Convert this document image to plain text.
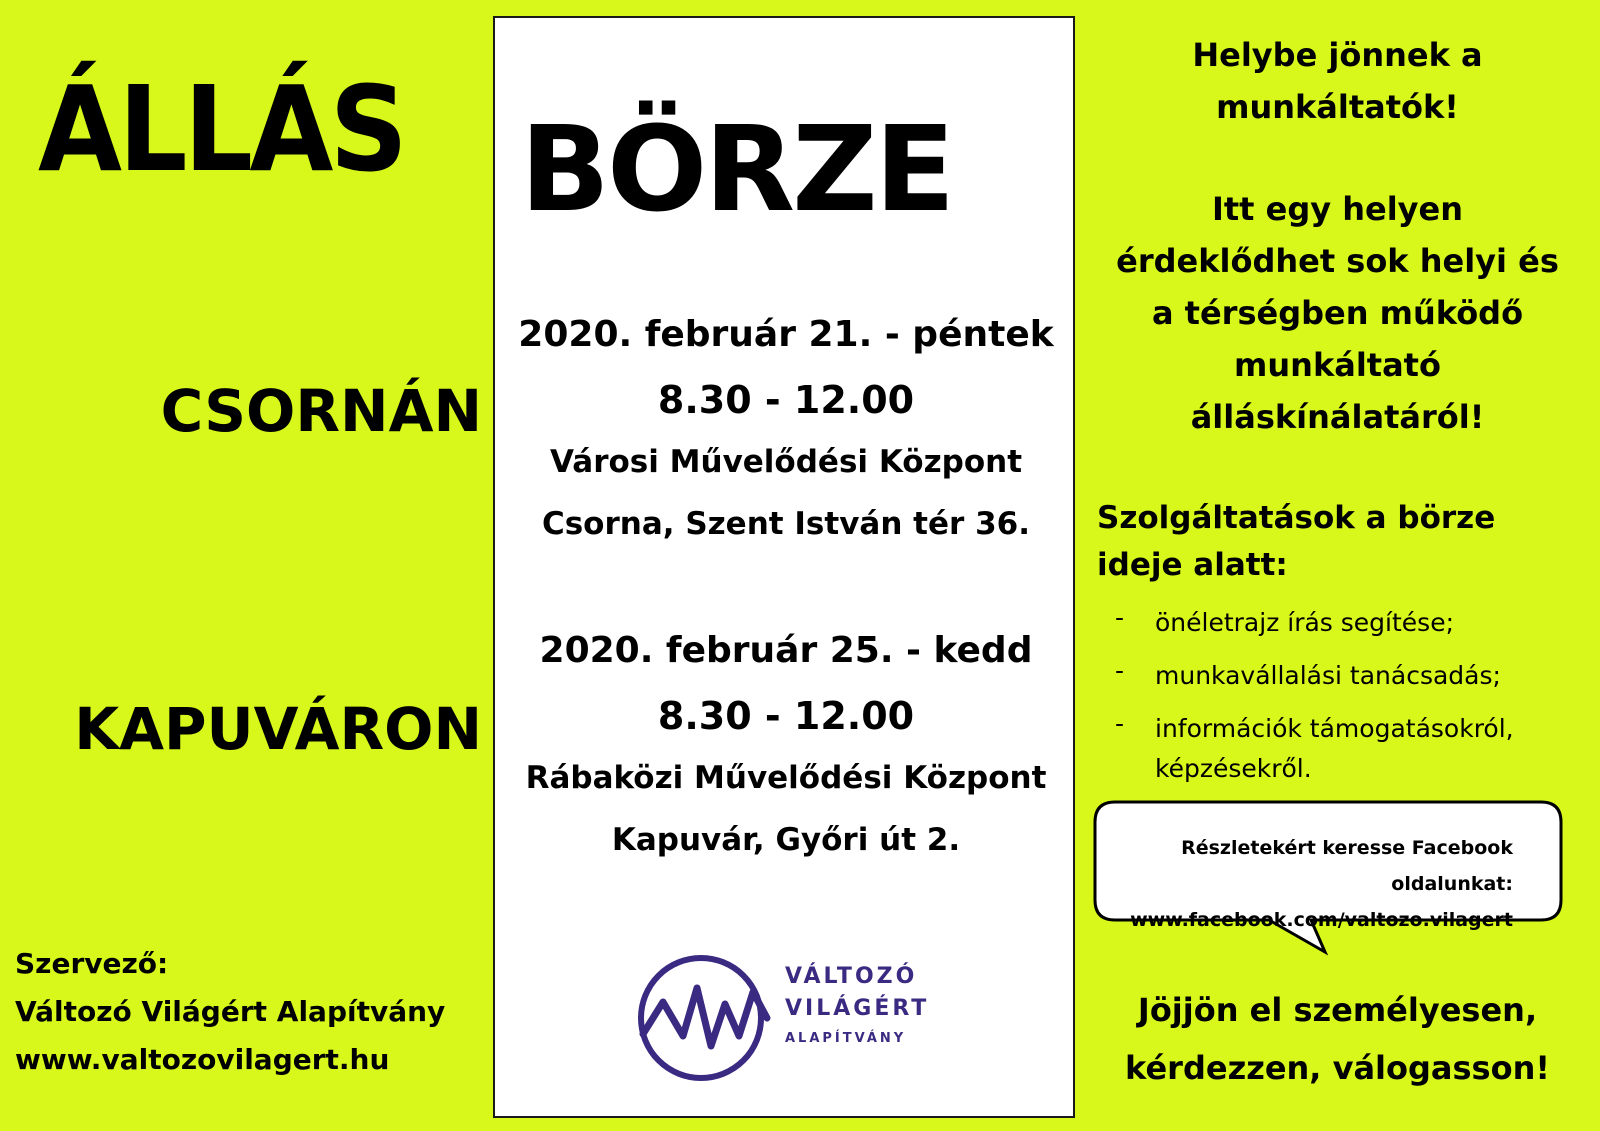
ÁLLÁS
2020. február 21. - péntek
8.30 - 12.00
Városi Művelődési Központ
Csorna, Szent István tér 36.
2020. február 25. - kedd
8.30 - 12.00
Rábaközi Művelődési Központ
Kapuvár, Győri út 2.
VÁLTOZÓ
VILÁGÉRT
ALAPÍTVÁNY
BÖRZE
CSORNÁN
KAPUVÁRON
Szervező:
Változó Világért Alapítvány
www.valtozovilagert.hu
Helybe jönnek a
munkáltatók!
Itt egy helyen
érdeklődhet sok helyi és
a térségben működő
munkáltató
álláskínálatáról!
Szolgáltatások a börze ideje alatt:
- önéletrajz írás segítése;
- munkavállalási tanácsadás;
- információk támogatásokról,
képzésekről.
Jöjjön el személyesen,
kérdezzen, válogasson!
Részletekért keresse Facebook oldalunkat:
www.facebook.com/valtozo.vilagert
